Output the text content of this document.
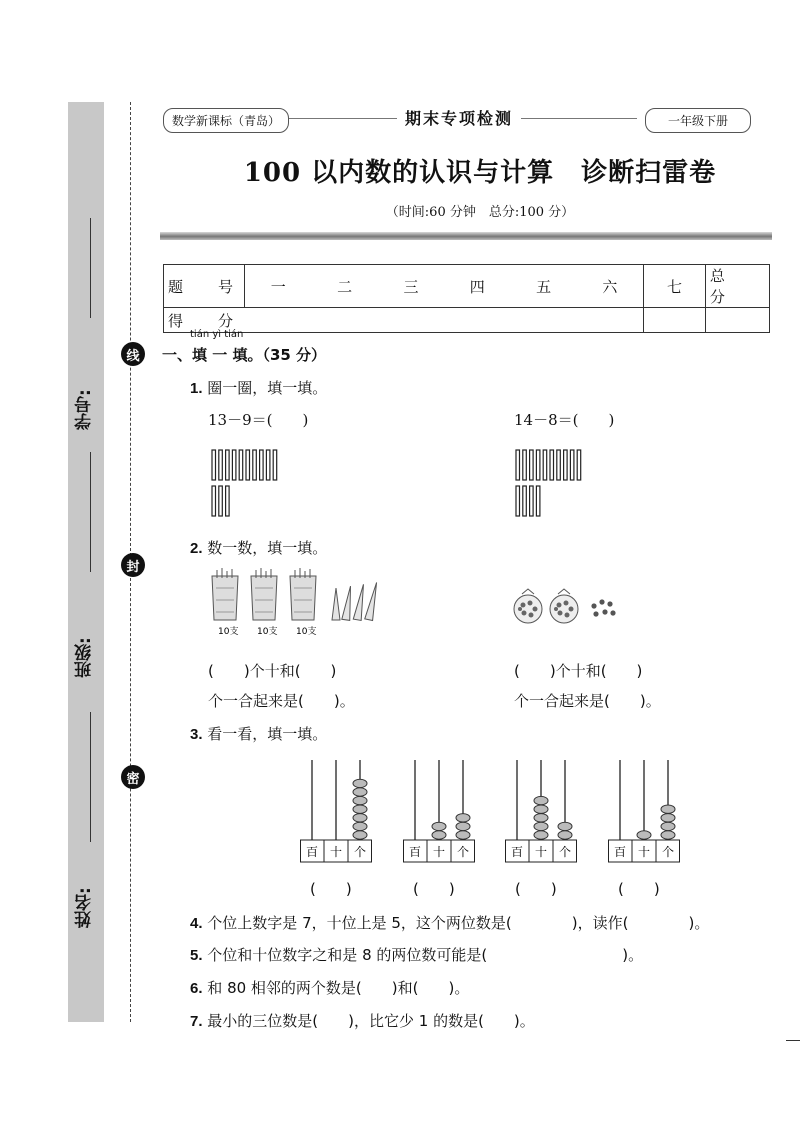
学号:
班级:
姓名:
线
封
密
数学新课标（青岛）	期末专项检测	一年级下册
100 以内数的认识与计算　诊断扫雷卷
（时间:60 分钟　总分:100 分）
题　号	一	二	三	四	五	六	七	总　分
得　分								
tián yì tián
一、填 一 填。（35 分）
1. 圈一圈，填一填。
13－9＝(　　)	14－8＝(　　)
2. 数一数，填一填。
10支 10支 10支
(　　)个十和(　　)
个一合起来是(　　)。
(　　)个十和(　　)
个一合起来是(　　)。
3. 看一看，填一填。
百 十 个
(　　)
百 十 个
(　　)
百 十 个
(　　)
百 十 个
(　　)
4. 个位上数字是 7，十位上是 5，这个两位数是(　　　　)，读作(　　　　)。
5. 个位和十位数字之和是 8 的两位数可能是(　　　　　　　　　)。
6. 和 80 相邻的两个数是(　　)和(　　)。
7. 最小的三位数是(　　)，比它少 1 的数是(　　)。
